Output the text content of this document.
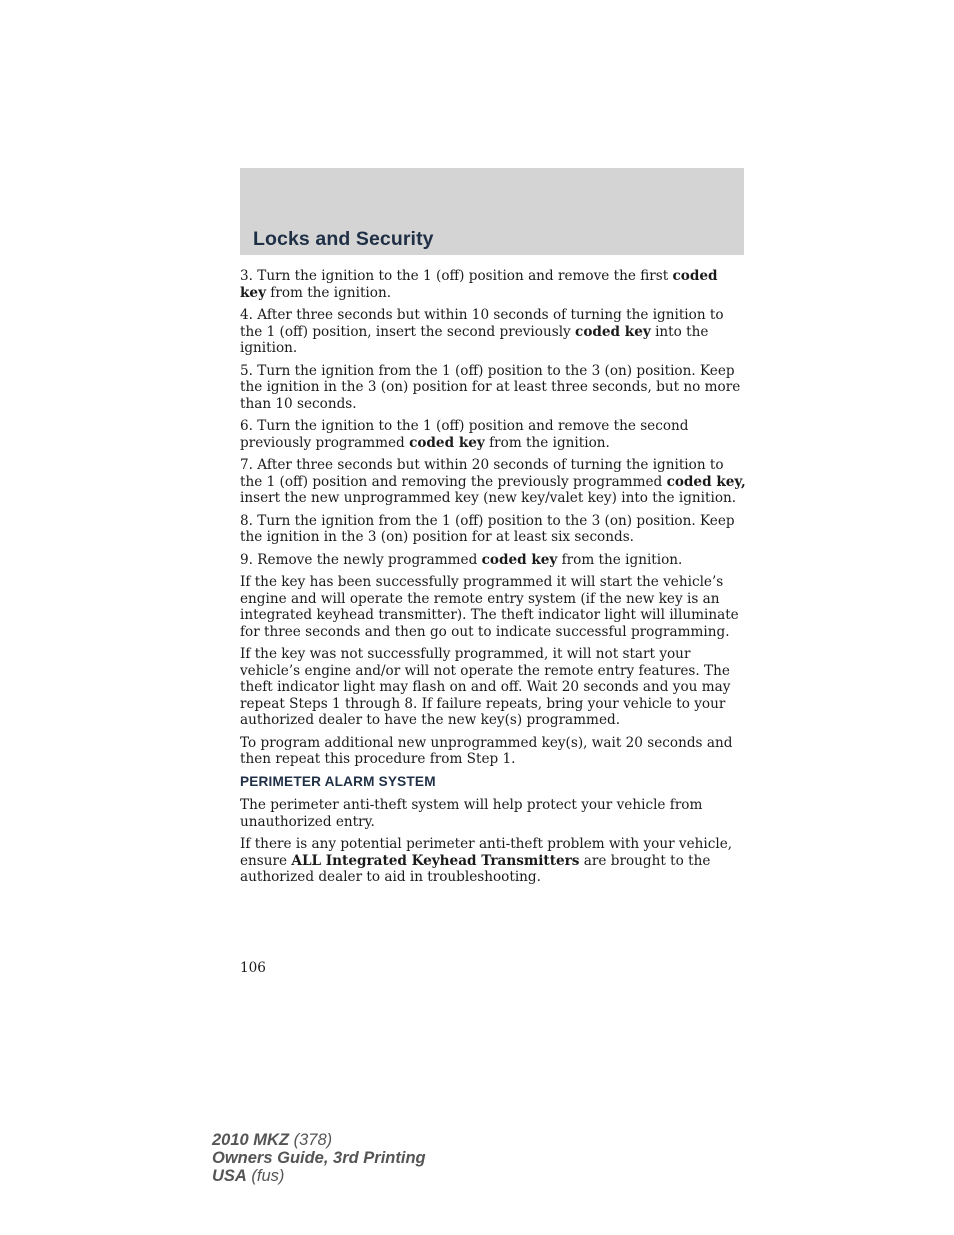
Locks and Security

3. Turn the ignition to the 1 (off) position and remove the first coded key from the ignition.

4. After three seconds but within 10 seconds of turning the ignition to the 1 (off) position, insert the second previously coded key into the ignition.

5. Turn the ignition from the 1 (off) position to the 3 (on) position. Keep the ignition in the 3 (on) position for at least three seconds, but no more than 10 seconds.

6. Turn the ignition to the 1 (off) position and remove the second previously programmed coded key from the ignition.

7. After three seconds but within 20 seconds of turning the ignition to the 1 (off) position and removing the previously programmed coded key, insert the new unprogrammed key (new key/valet key) into the ignition.

8. Turn the ignition from the 1 (off) position to the 3 (on) position. Keep the ignition in the 3 (on) position for at least six seconds.

9. Remove the newly programmed coded key from the ignition.

If the key has been successfully programmed it will start the vehicle’s engine and will operate the remote entry system (if the new key is an integrated keyhead transmitter). The theft indicator light will illuminate for three seconds and then go out to indicate successful programming.

If the key was not successfully programmed, it will not start your vehicle’s engine and/or will not operate the remote entry features. The theft indicator light may flash on and off. Wait 20 seconds and you may repeat Steps 1 through 8. If failure repeats, bring your vehicle to your authorized dealer to have the new key(s) programmed.

To program additional new unprogrammed key(s), wait 20 seconds and then repeat this procedure from Step 1.

PERIMETER ALARM SYSTEM

The perimeter anti-theft system will help protect your vehicle from unauthorized entry.

If there is any potential perimeter anti-theft problem with your vehicle, ensure ALL Integrated Keyhead Transmitters are brought to the authorized dealer to aid in troubleshooting.

106
2010 MKZ (378)
Owners Guide, 3rd Printing
USA (fus)
